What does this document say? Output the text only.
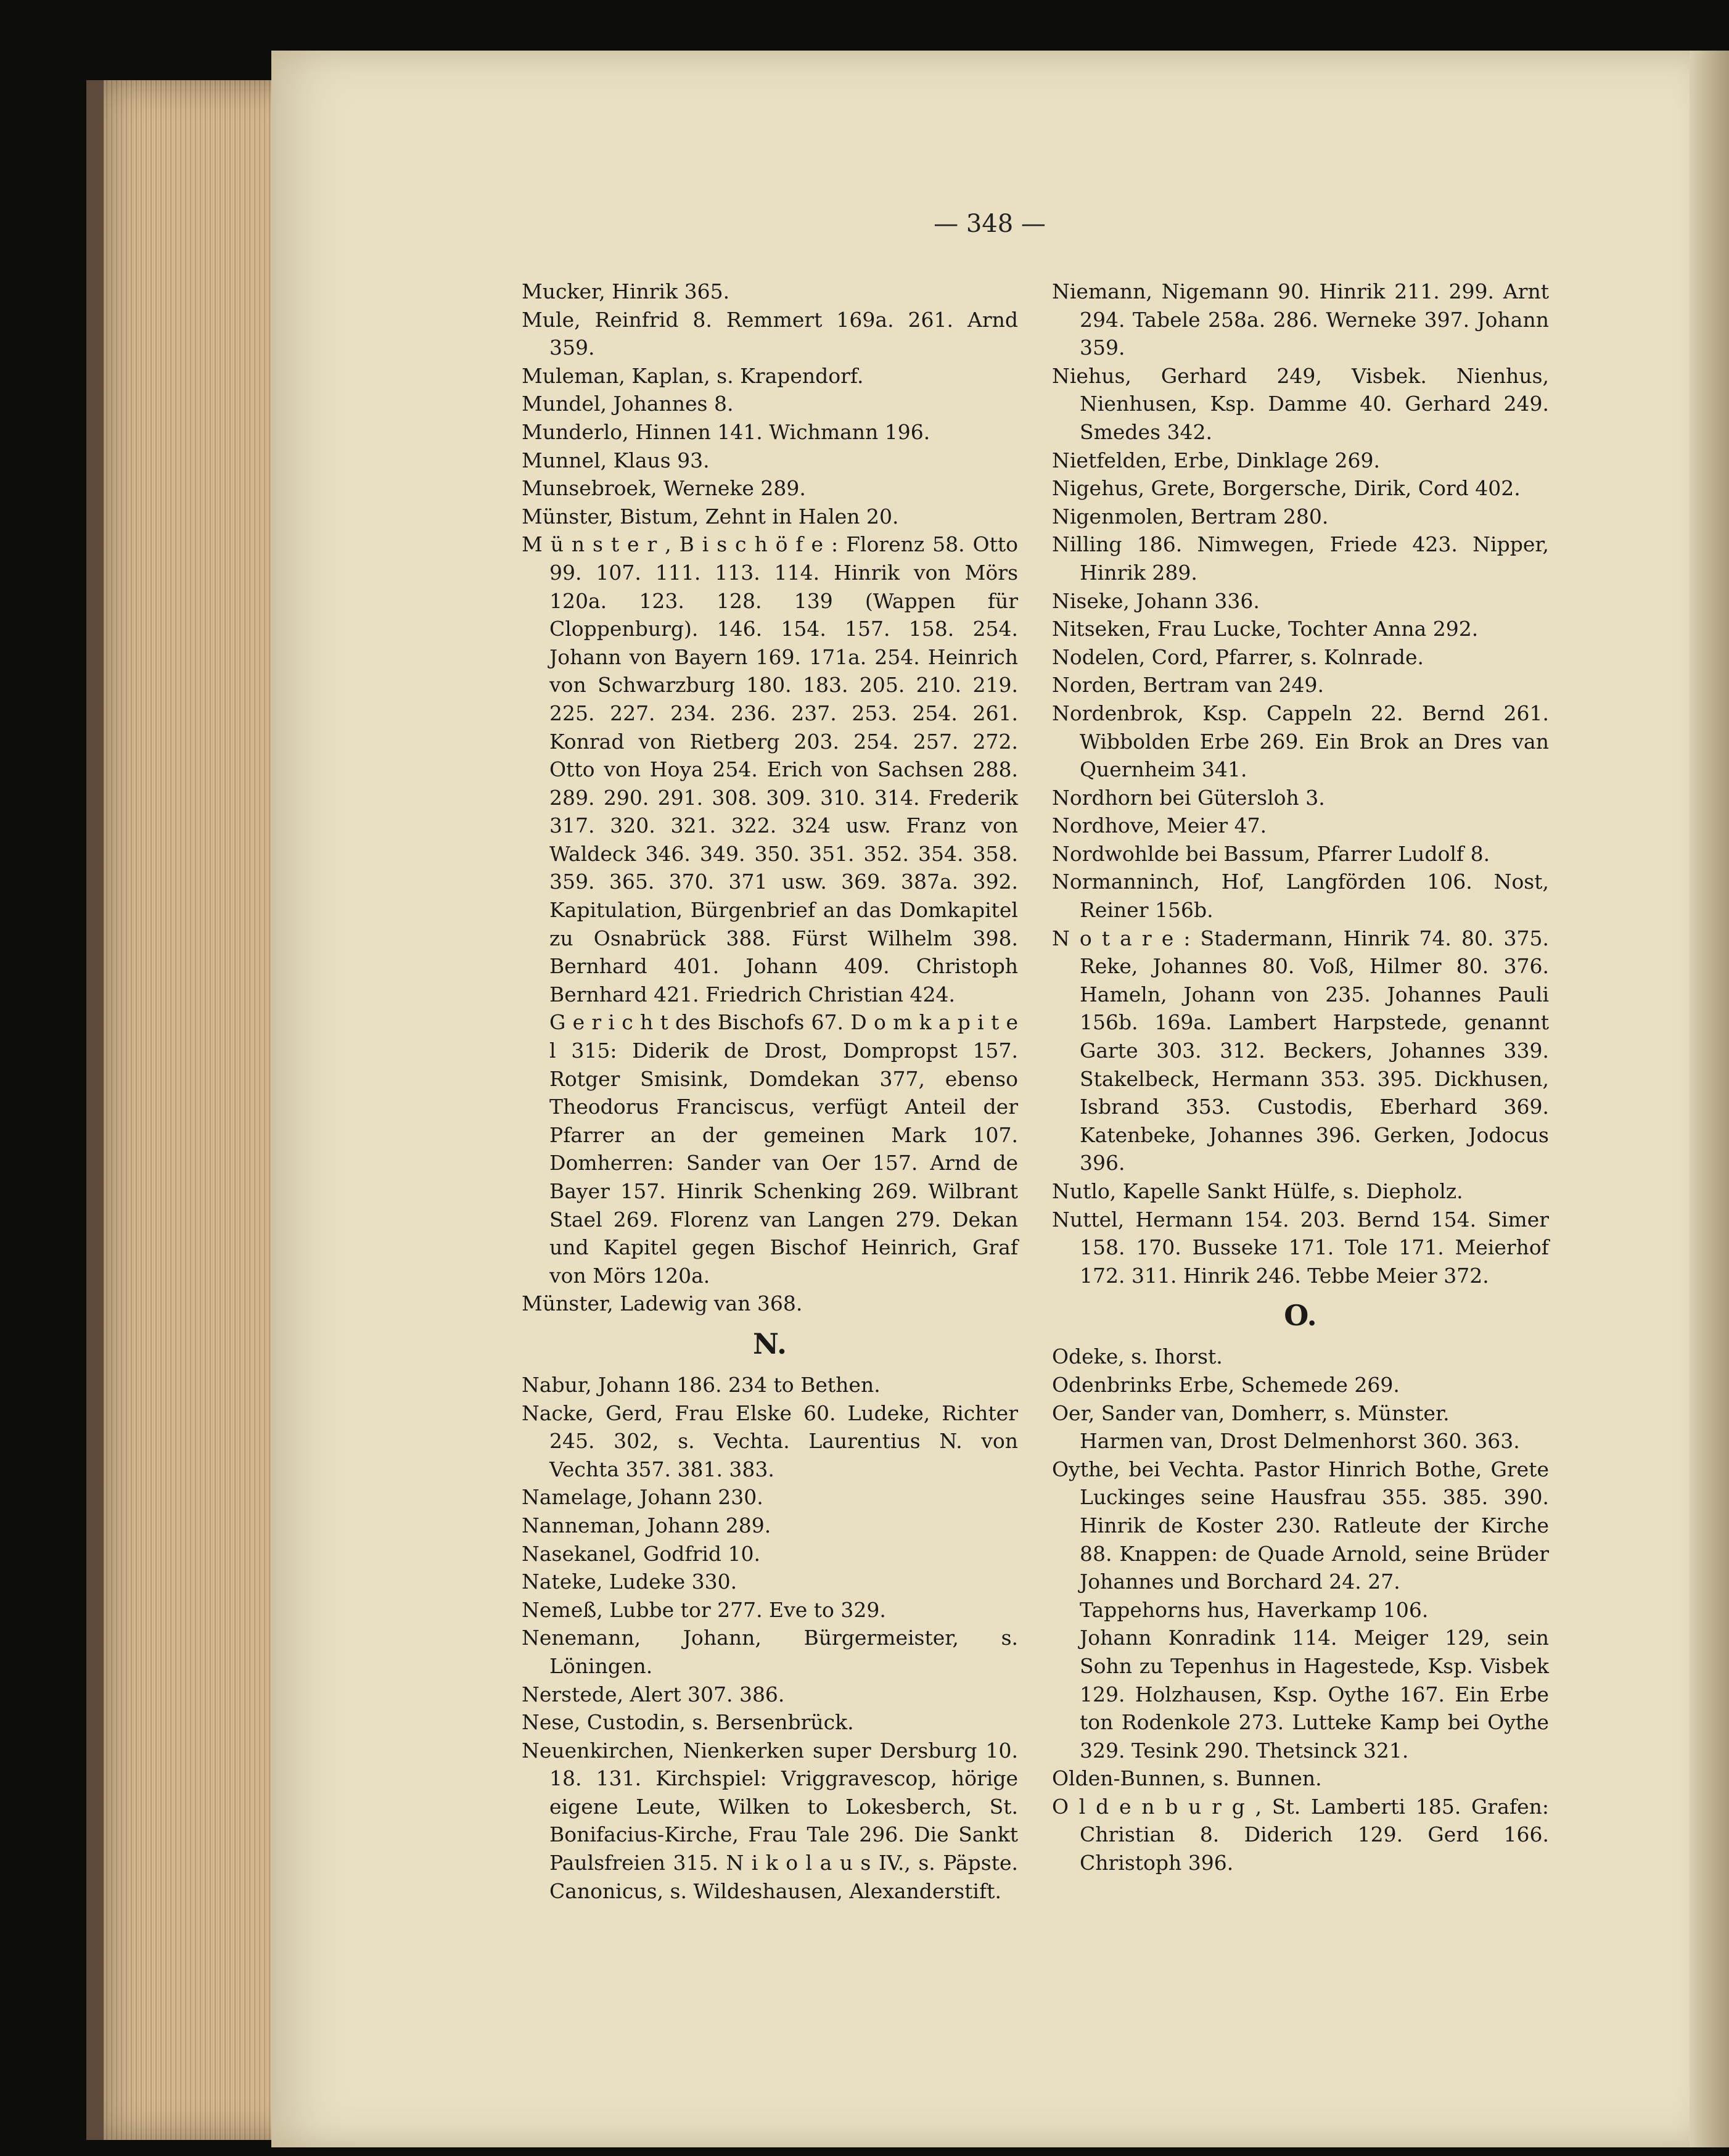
— 348 —

Mucker, Hinrik 365.

Mule, Reinfrid 8. Remmert 169a. 261. Arnd 359.

Muleman, Kaplan, s. Krapendorf.

Mundel, Johannes 8.

Munderlo, Hinnen 141. Wichmann 196.

Munnel, Klaus 93.

Munsebroek, Werneke 289.

Münster, Bistum, Zehnt in Halen 20.

M ü n s t e r , B i s c h ö f e : Florenz 58. Otto 99. 107. 111. 113. 114. Hinrik von Mörs 120a. 123. 128. 139 (Wappen für Cloppenburg). 146. 154. 157. 158. 254. Johann von Bayern 169. 171a. 254. Heinrich von Schwarzburg 180. 183. 205. 210. 219. 225. 227. 234. 236. 237. 253. 254. 261. Konrad von Rietberg 203. 254. 257. 272. Otto von Hoya 254. Erich von Sachsen 288. 289. 290. 291. 308. 309. 310. 314. Frederik 317. 320. 321. 322. 324 usw. Franz von Waldeck 346. 349. 350. 351. 352. 354. 358. 359. 365. 370. 371 usw. 369. 387a. 392. Kapitulation, Bürgenbrief an das Domkapitel zu Osnabrück 388. Fürst Wilhelm 398. Bernhard 401. Johann 409. Christoph Bernhard 421. Friedrich Christian 424.

G e r i c h t des Bischofs 67. D o m k a p i t e l 315: Diderik de Drost, Dompropst 157. Rotger Smisink, Domdekan 377, ebenso Theodorus Franciscus, verfügt Anteil der Pfarrer an der gemeinen Mark 107. Domherren: Sander van Oer 157. Arnd de Bayer 157. Hinrik Schenking 269. Wilbrant Stael 269. Florenz van Langen 279. Dekan und Kapitel gegen Bischof Heinrich, Graf von Mörs 120a.

Münster, Ladewig van 368.

N.

Nabur, Johann 186. 234 to Bethen.

Nacke, Gerd, Frau Elske 60. Ludeke, Richter 245. 302, s. Vechta. Laurentius N. von Vechta 357. 381. 383.

Namelage, Johann 230.

Nanneman, Johann 289.

Nasekanel, Godfrid 10.

Nateke, Ludeke 330.

Nemeß, Lubbe tor 277. Eve to 329.

Nenemann, Johann, Bürgermeister, s. Löningen.

Nerstede, Alert 307. 386.

Nese, Custodin, s. Bersenbrück.

Neuenkirchen, Nienkerken super Dersburg 10. 18. 131. Kirchspiel: Vriggravescop, hörige eigene Leute, Wilken to Lokesberch, St. Bonifacius-Kirche, Frau Tale 296. Die Sankt Paulsfreien 315. N i k o l a u s IV., s. Päpste. Canonicus, s. Wildeshausen, Alexanderstift.

Niemann, Nigemann 90. Hinrik 211. 299. Arnt 294. Tabele 258a. 286. Werneke 397. Johann 359.

Niehus, Gerhard 249, Visbek. Nienhus, Nienhusen, Ksp. Damme 40. Gerhard 249. Smedes 342.

Nietfelden, Erbe, Dinklage 269.

Nigehus, Grete, Borgersche, Dirik, Cord 402.

Nigenmolen, Bertram 280.

Nilling 186. Nimwegen, Friede 423. Nipper, Hinrik 289.

Niseke, Johann 336.

Nitseken, Frau Lucke, Tochter Anna 292.

Nodelen, Cord, Pfarrer, s. Kolnrade.

Norden, Bertram van 249.

Nordenbrok, Ksp. Cappeln 22. Bernd 261. Wibbolden Erbe 269. Ein Brok an Dres van Quernheim 341.

Nordhorn bei Gütersloh 3.

Nordhove, Meier 47.

Nordwohlde bei Bassum, Pfarrer Ludolf 8.

Normanninch, Hof, Langförden 106. Nost, Reiner 156b.

N o t a r e : Stadermann, Hinrik 74. 80. 375. Reke, Johannes 80. Voß, Hilmer 80. 376. Hameln, Johann von 235. Johannes Pauli 156b. 169a. Lambert Harpstede, genannt Garte 303. 312. Beckers, Johannes 339. Stakelbeck, Hermann 353. 395. Dickhusen, Isbrand 353. Custodis, Eberhard 369. Katenbeke, Johannes 396. Gerken, Jodocus 396.

Nutlo, Kapelle Sankt Hülfe, s. Diepholz.

Nuttel, Hermann 154. 203. Bernd 154. Simer 158. 170. Busseke 171. Tole 171. Meierhof 172. 311. Hinrik 246. Tebbe Meier 372.

O.

Odeke, s. Ihorst.

Odenbrinks Erbe, Schemede 269.

Oer, Sander van, Domherr, s. Münster.

Harmen van, Drost Delmenhorst 360. 363.

Oythe, bei Vechta. Pastor Hinrich Bothe, Grete Luckinges seine Hausfrau 355. 385. 390. Hinrik de Koster 230. Ratleute der Kirche 88. Knappen: de Quade Arnold, seine Brüder Johannes und Borchard 24. 27.

Tappehorns hus, Haverkamp 106.

Johann Konradink 114. Meiger 129, sein Sohn zu Tepenhus in Hagestede, Ksp. Visbek 129. Holzhausen, Ksp. Oythe 167. Ein Erbe ton Rodenkole 273. Lutteke Kamp bei Oythe 329. Tesink 290. Thetsinck 321.

Olden-Bunnen, s. Bunnen.

O l d e n b u r g , St. Lamberti 185. Grafen: Christian 8. Diderich 129. Gerd 166. Christoph 396.
